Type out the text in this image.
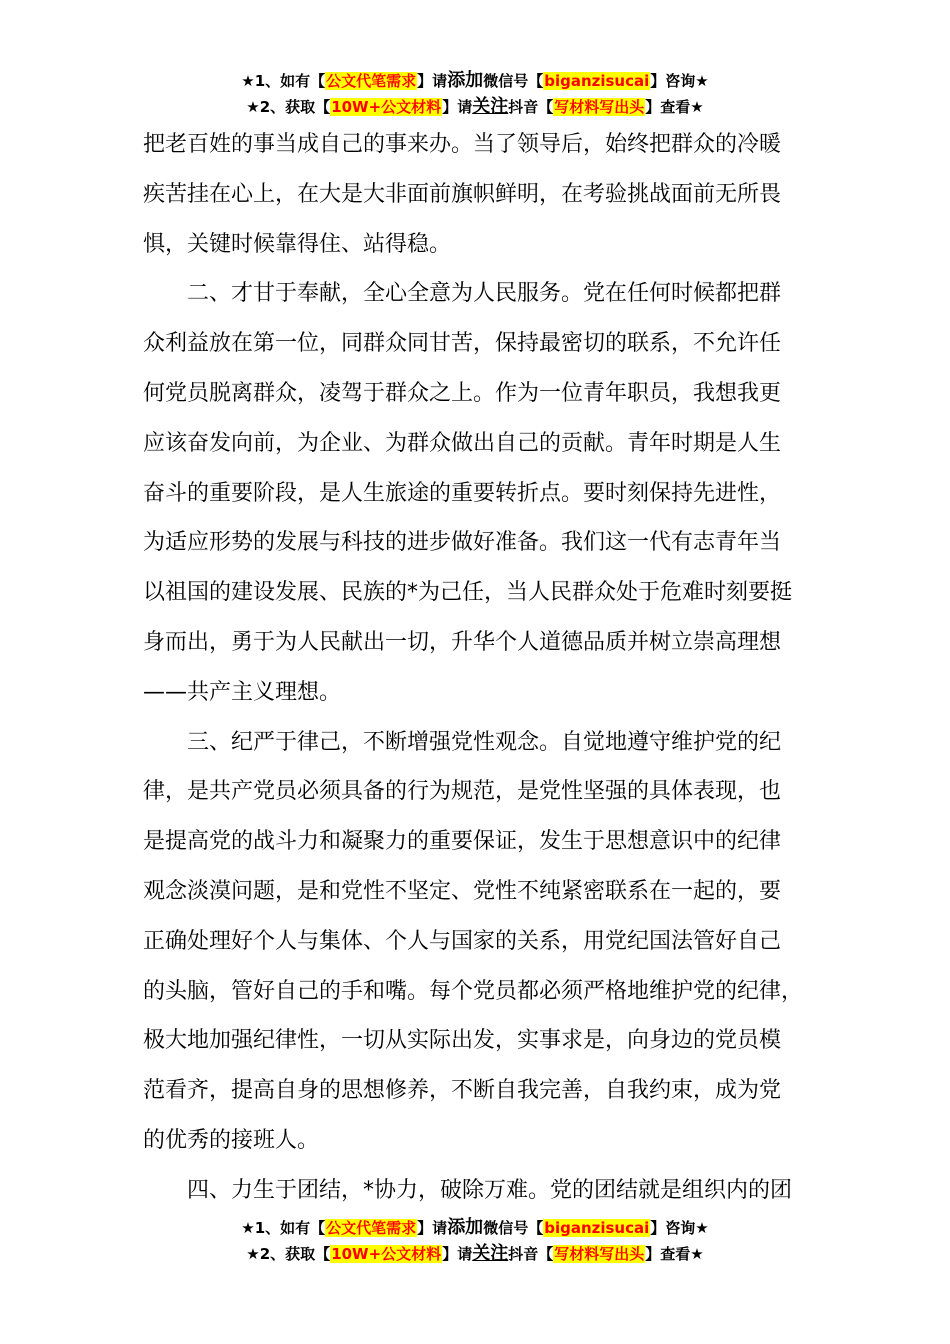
★1、如有【公文代笔需求】请添加微信号【biganzisucai】咨询★
★2、获取【10W+公文材料】请关注抖音【写材料写出头】查看★

把老百姓的事当成自己的事来办。当了领导后，始终把群众的冷暖

疾苦挂在心上，在大是大非面前旗帜鲜明，在考验挑战面前无所畏

惧，关键时候靠得住、站得稳。

二、才甘于奉献，全心全意为人民服务。党在任何时候都把群

众利益放在第一位，同群众同甘苦，保持最密切的联系，不允许任

何党员脱离群众，凌驾于群众之上。作为一位青年职员，我想我更

应该奋发向前，为企业、为群众做出自己的贡献。青年时期是人生

奋斗的重要阶段，是人生旅途的重要转折点。要时刻保持先进性，

为适应形势的发展与科技的进步做好准备。我们这一代有志青年当

以祖国的建设发展、民族的*为己任，当人民群众处于危难时刻要挺

身而出，勇于为人民献出一切，升华个人道德品质并树立崇高理想

——共产主义理想。

三、纪严于律己，不断增强党性观念。自觉地遵守维护党的纪

律，是共产党员必须具备的行为规范，是党性坚强的具体表现，也

是提高党的战斗力和凝聚力的重要保证，发生于思想意识中的纪律

观念淡漠问题，是和党性不坚定、党性不纯紧密联系在一起的，要

正确处理好个人与集体、个人与国家的关系，用党纪国法管好自己

的头脑，管好自己的手和嘴。每个党员都必须严格地维护党的纪律，

极大地加强纪律性，一切从实际出发，实事求是，向身边的党员模

范看齐，提高自身的思想修养，不断自我完善，自我约束，成为党

的优秀的接班人。

四、力生于团结，*协力，破除万难。党的团结就是组织内的团

★1、如有【公文代笔需求】请添加微信号【biganzisucai】咨询★
★2、获取【10W+公文材料】请关注抖音【写材料写出头】查看★
